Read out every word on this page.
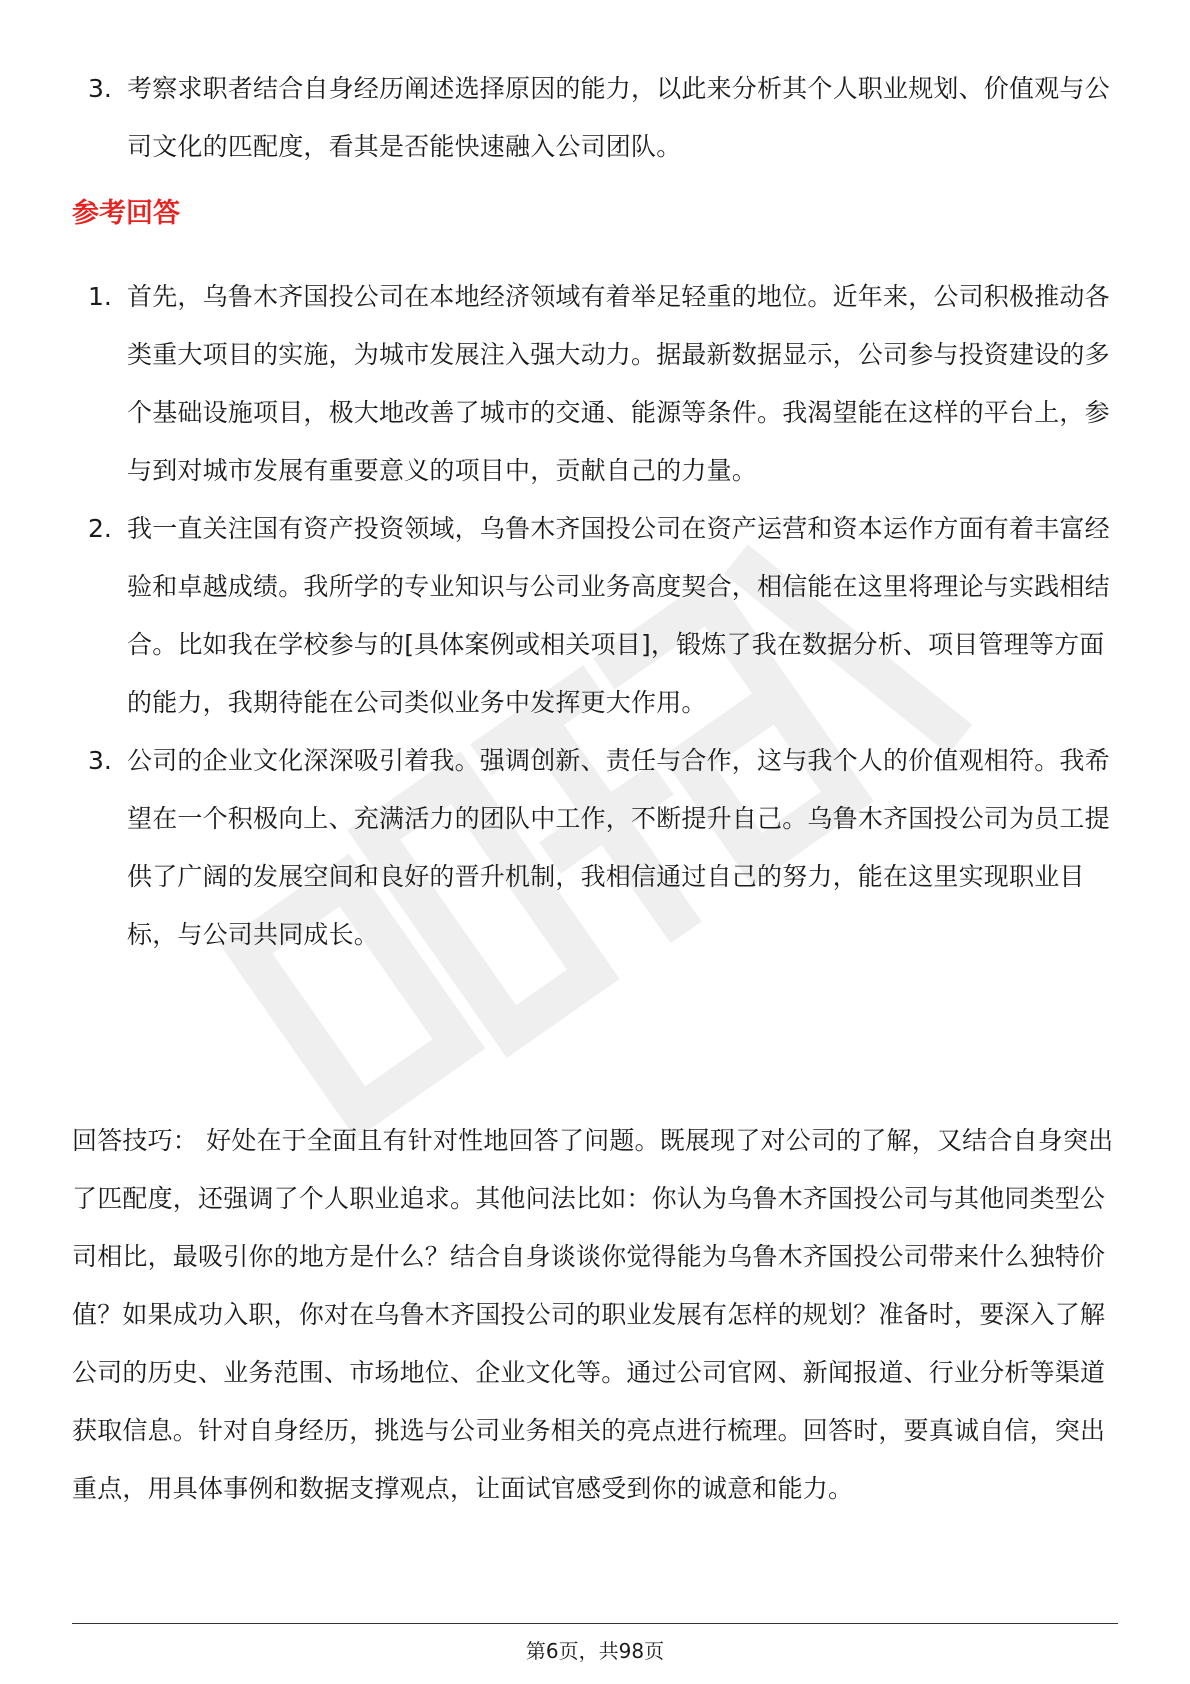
3. 考察求职者结合自身经历阐述选择原因的能力，以此来分析其个人职业规划、价值观与公司文化的匹配度，看其是否能快速融入公司团队。
参考回答
1. 首先，乌鲁木齐国投公司在本地经济领域有着举足轻重的地位。近年来，公司积极推动各类重大项目的实施，为城市发展注入强大动力。据最新数据显示，公司参与投资建设的多个基础设施项目，极大地改善了城市的交通、能源等条件。我渴望能在这样的平台上，参与到对城市发展有重要意义的项目中，贡献自己的力量。
2. 我一直关注国有资产投资领域，乌鲁木齐国投公司在资产运营和资本运作方面有着丰富经验和卓越成绩。我所学的专业知识与公司业务高度契合，相信能在这里将理论与实践相结合。比如我在学校参与的[具体案例或相关项目]，锻炼了我在数据分析、项目管理等方面的能力，我期待能在公司类似业务中发挥更大作用。
3. 公司的企业文化深深吸引着我。强调创新、责任与合作，这与我个人的价值观相符。我希望在一个积极向上、充满活力的团队中工作，不断提升自己。乌鲁木齐国投公司为员工提供了广阔的发展空间和良好的晋升机制，我相信通过自己的努力，能在这里实现职业目标，与公司共同成长。
回答技巧： 好处在于全面且有针对性地回答了问题。既展现了对公司的了解，又结合自身突出了匹配度，还强调了个人职业追求。其他问法比如：你认为乌鲁木齐国投公司与其他同类型公司相比，最吸引你的地方是什么？结合自身谈谈你觉得能为乌鲁木齐国投公司带来什么独特价值？如果成功入职，你对在乌鲁木齐国投公司的职业发展有怎样的规划？准备时，要深入了解公司的历史、业务范围、市场地位、企业文化等。通过公司官网、新闻报道、行业分析等渠道获取信息。针对自身经历，挑选与公司业务相关的亮点进行梳理。回答时，要真诚自信，突出重点，用具体事例和数据支撑观点，让面试官感受到你的诚意和能力。
第6页，共98页
